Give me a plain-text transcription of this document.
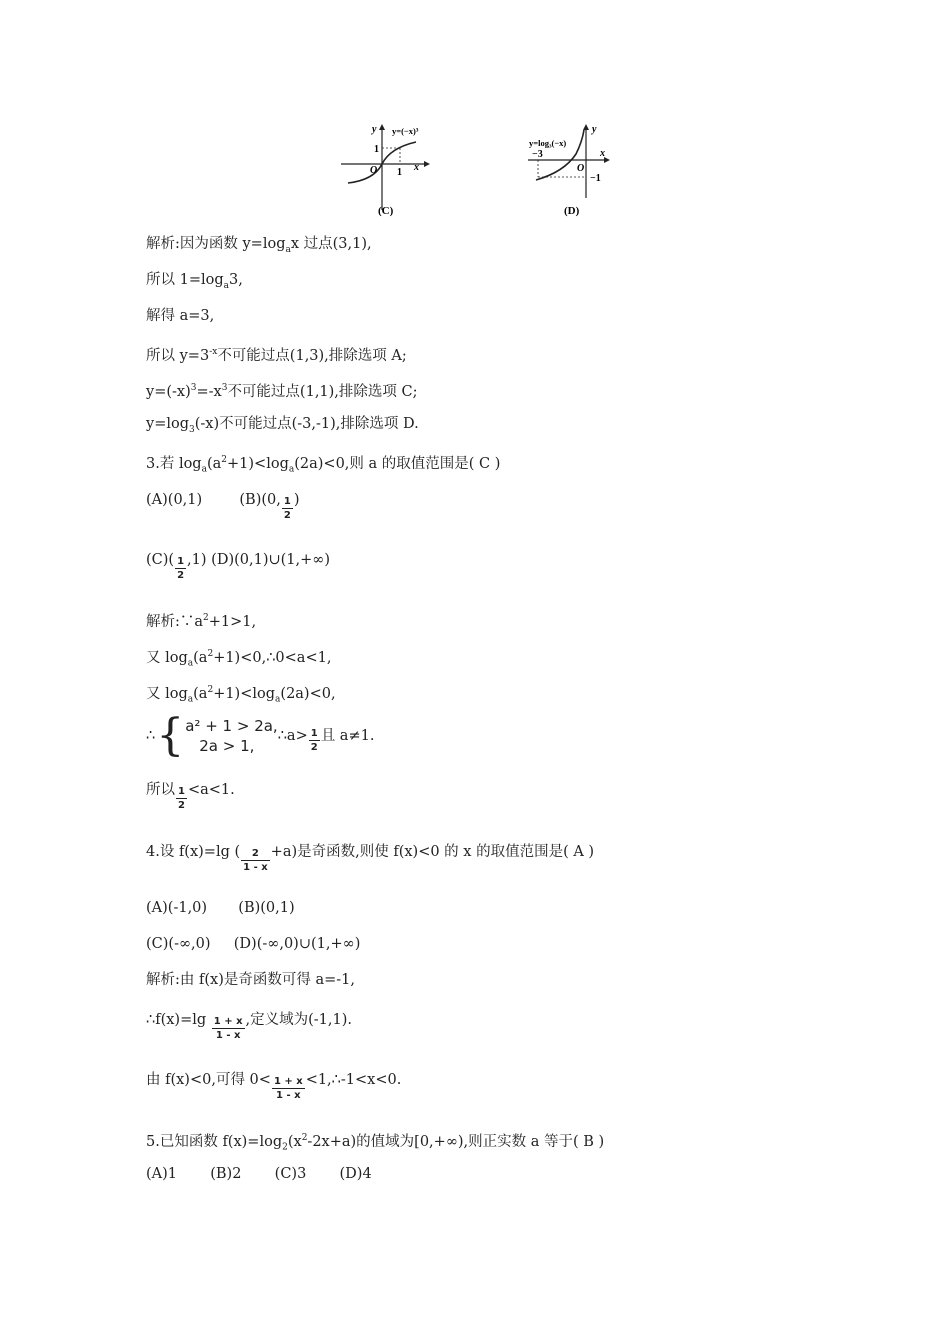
y y=(−x)³
1
O 1 x
(C)
y
y=log₃(−x)
−3
O
x
−1
(D)
解析:因为函数 $y=\log_ax$ 过点(3,1),
所以 $1=\log_a3$,
解得 a=3,
所以 $y=3^{-x}$不可能过点(1,3),排除选项 A;
$y=(-x)^3=-x^3$不可能过点(1,1),排除选项 C;
$y=\log_3(-x)$不可能过点(-3,-1),排除选项 D.
3.若 $\log_a(a^2+1)<\log_a(2a)<0$,则 a 的取值范围是( C )
(A)(0,1)	(B)(0, $\frac{1}{2}$ )
$(C)( \frac{1}{2} ,1)$ (D)(0,1)∪(1,+∞)
解析$:\because a^2+1>1$,
又 $\log_a(a^2+1)<0,\therefore 0<a<1$,
又 $\log_a(a^2+1)<\log_a(2a)<0$,
∴{ a² + 1 > 2a,
2a > 1,
∴a> $\frac{1}{2}$ 且 a≠1.
所以 $\frac{1}{2} <a<1$.
4.设 f(x)=lg ( $\frac{2}{1 - x} +a$)是奇函数,则使 f(x)<0 的 x 的取值范围是( A )
(A)(-1,0) (B)(0,1)
(C)(-∞,0) (D)(-∞,0)∪(1,+∞)
解析:由 f(x)是奇函数可得 a=-1,
∴f(x)=lg $\frac{1 + x}{1 - x}$ ,定义域为(-1,1).
由 f(x)<0,可得 $0< \frac{1 + x}{1 - x}$ <1,∴-1<x<0.
5.已知函数 $f(x)=\log_2(x^2-2x+a)$的值域为[0,+∞),则正实数 a 等于( B )
(A)1 (B)2 (C)3 (D)4
